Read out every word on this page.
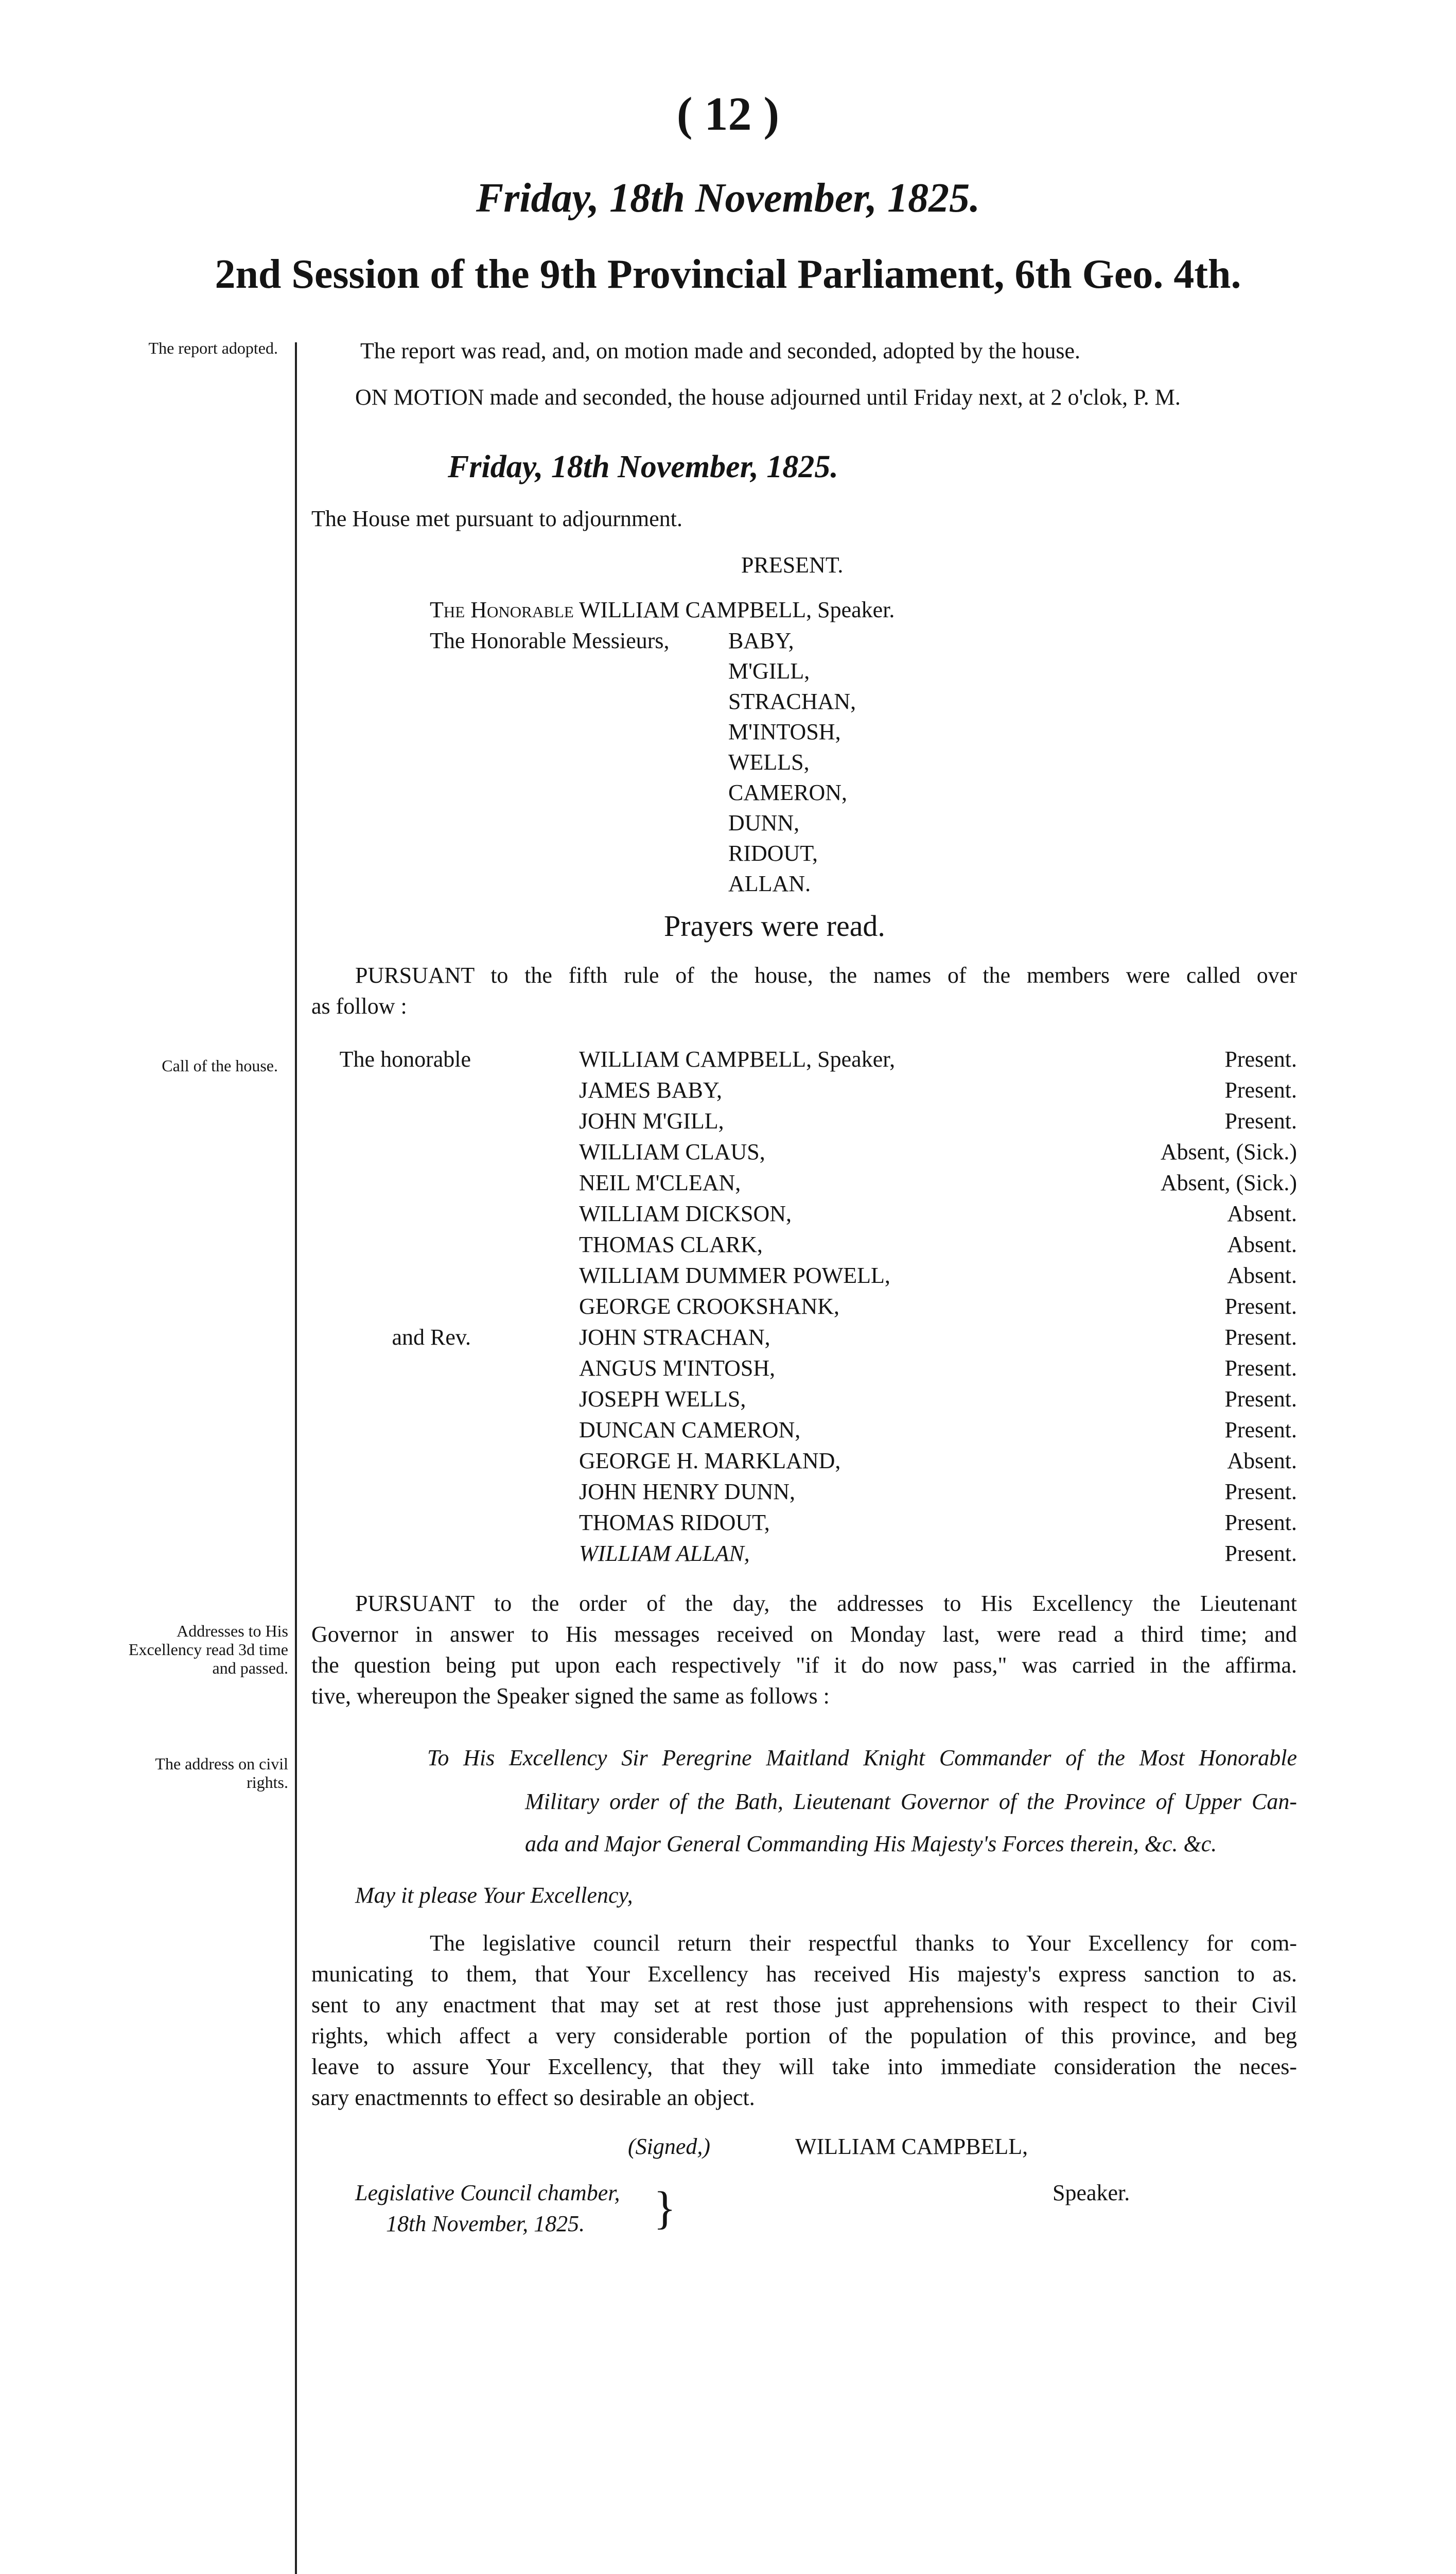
( 12 )
Friday, 18th November, 1825.
2nd Session of the 9th Provincial Parliament, 6th Geo. 4th.
The report adopted.
Call of the house.
Addresses to His Excellency read 3d time and passed.
The address on civil rights.
The report was read, and, on motion made and seconded, adopted by the house.
ON MOTION made and seconded, the house adjourned until Friday next, at 2 o'clok, P. M.
Friday, 18th November, 1825.
The House met pursuant to adjournment.
PRESENT.
The Honorable WILLIAM CAMPBELL, Speaker.
The Honorable Messieurs,	BABY,
M'GILL,
STRACHAN,
M'INTOSH,
WELLS,
CAMERON,
DUNN,
RIDOUT,
ALLAN.
Prayers were read.
PURSUANT to the fifth rule of the house, the names of the members were called over
as follow :
The honorable	WILLIAM CAMPBELL, Speaker,	Present.
JAMES BABY,	Present.
JOHN M'GILL,	Present.
WILLIAM CLAUS,	Absent, (Sick.)
NEIL M'CLEAN,	Absent, (Sick.)
WILLIAM DICKSON,	Absent.
THOMAS CLARK,	Absent.
WILLIAM DUMMER POWELL,	Absent.
GEORGE CROOKSHANK,	Present.
and Rev.	JOHN STRACHAN,	Present.
ANGUS M'INTOSH,	Present.
JOSEPH WELLS,	Present.
DUNCAN CAMERON,	Present.
GEORGE H. MARKLAND,	Absent.
JOHN HENRY DUNN,	Present.
THOMAS RIDOUT,	Present.
WILLIAM ALLAN,	Present.
PURSUANT to the order of the day, the addresses to His Excellency the Lieutenant
Governor in answer to His messages received on Monday last, were read a third time; and
the question being put upon each respectively "if it do now pass," was carried in the affirma.
tive, whereupon the Speaker signed the same as follows :
To His Excellency Sir Peregrine Maitland Knight Commander of the Most Honorable
Military order of the Bath, Lieutenant Governor of the Province of Upper Can-
ada and Major General Commanding His Majesty's Forces therein, &c. &c.
May it please Your Excellency,
The legislative council return their respectful thanks to Your Excellency for com-
municating to them, that Your Excellency has received His majesty's express sanction to as.
sent to any enactment that may set at rest those just apprehensions with respect to their Civil
rights, which affect a very considerable portion of the population of this province, and beg
leave to assure Your Excellency, that they will take into immediate consideration the neces-
sary enactmennts to effect so desirable an object.
(Signed,)	WILLIAM CAMPBELL,
Speaker.
Legislative Council chamber,
18th November, 1825. }
